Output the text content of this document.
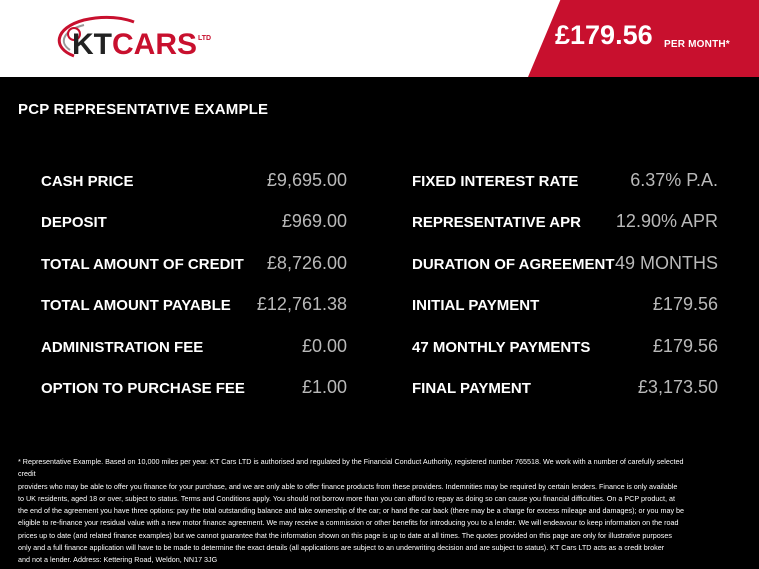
KTCARS LTD	£179.56 PER MONTH*
PCP REPRESENTATIVE EXAMPLE
CASH PRICE	£9,695.00
DEPOSIT	£969.00
TOTAL AMOUNT OF CREDIT £8,726.00
TOTAL AMOUNT PAYABLE £12,761.38
ADMINISTRATION FEE	£0.00
OPTION TO PURCHASE FEE	£1.00
FIXED INTEREST RATE	6.37% P.A.
REPRESENTATIVE APR 12.90% APR
DURATION OF AGREEMENT 49 MONTHS
INITIAL PAYMENT	£179.56
47 MONTHLY PAYMENTS	£179.56
FINAL PAYMENT	£3,173.50
* Representative Example. Based on 10,000 miles per year. KT Cars LTD is authorised and regulated by the Financial Conduct Authority, registered number 765518. We work with a number of carefully selected credit
providers who may be able to offer you finance for your purchase, and we are only able to offer finance products from these providers. Indemnities may be required by certain lenders. Finance is only available
to UK residents, aged 18 or over, subject to status. Terms and Conditions apply. You should not borrow more than you can afford to repay as doing so can cause you financial difficulties. On a PCP product, at
the end of the agreement you have three options: pay the total outstanding balance and take ownership of the car; or hand the car back (there may be a charge for excess mileage and damages); or you may be
eligible to re-finance your residual value with a new motor finance agreement. We may receive a commission or other benefits for introducing you to a lender. We will endeavour to keep information on the road
prices up to date (and related finance examples) but we cannot guarantee that the information shown on this page is up to date at all times. The quotes provided on this page are only for illustrative purposes
only and a full finance application will have to be made to determine the exact details (all applications are subject to an underwriting decision and are subject to status). KT Cars LTD acts as a credit broker
and not a lender. Address: Kettering Road, Weldon, NN17 3JG
